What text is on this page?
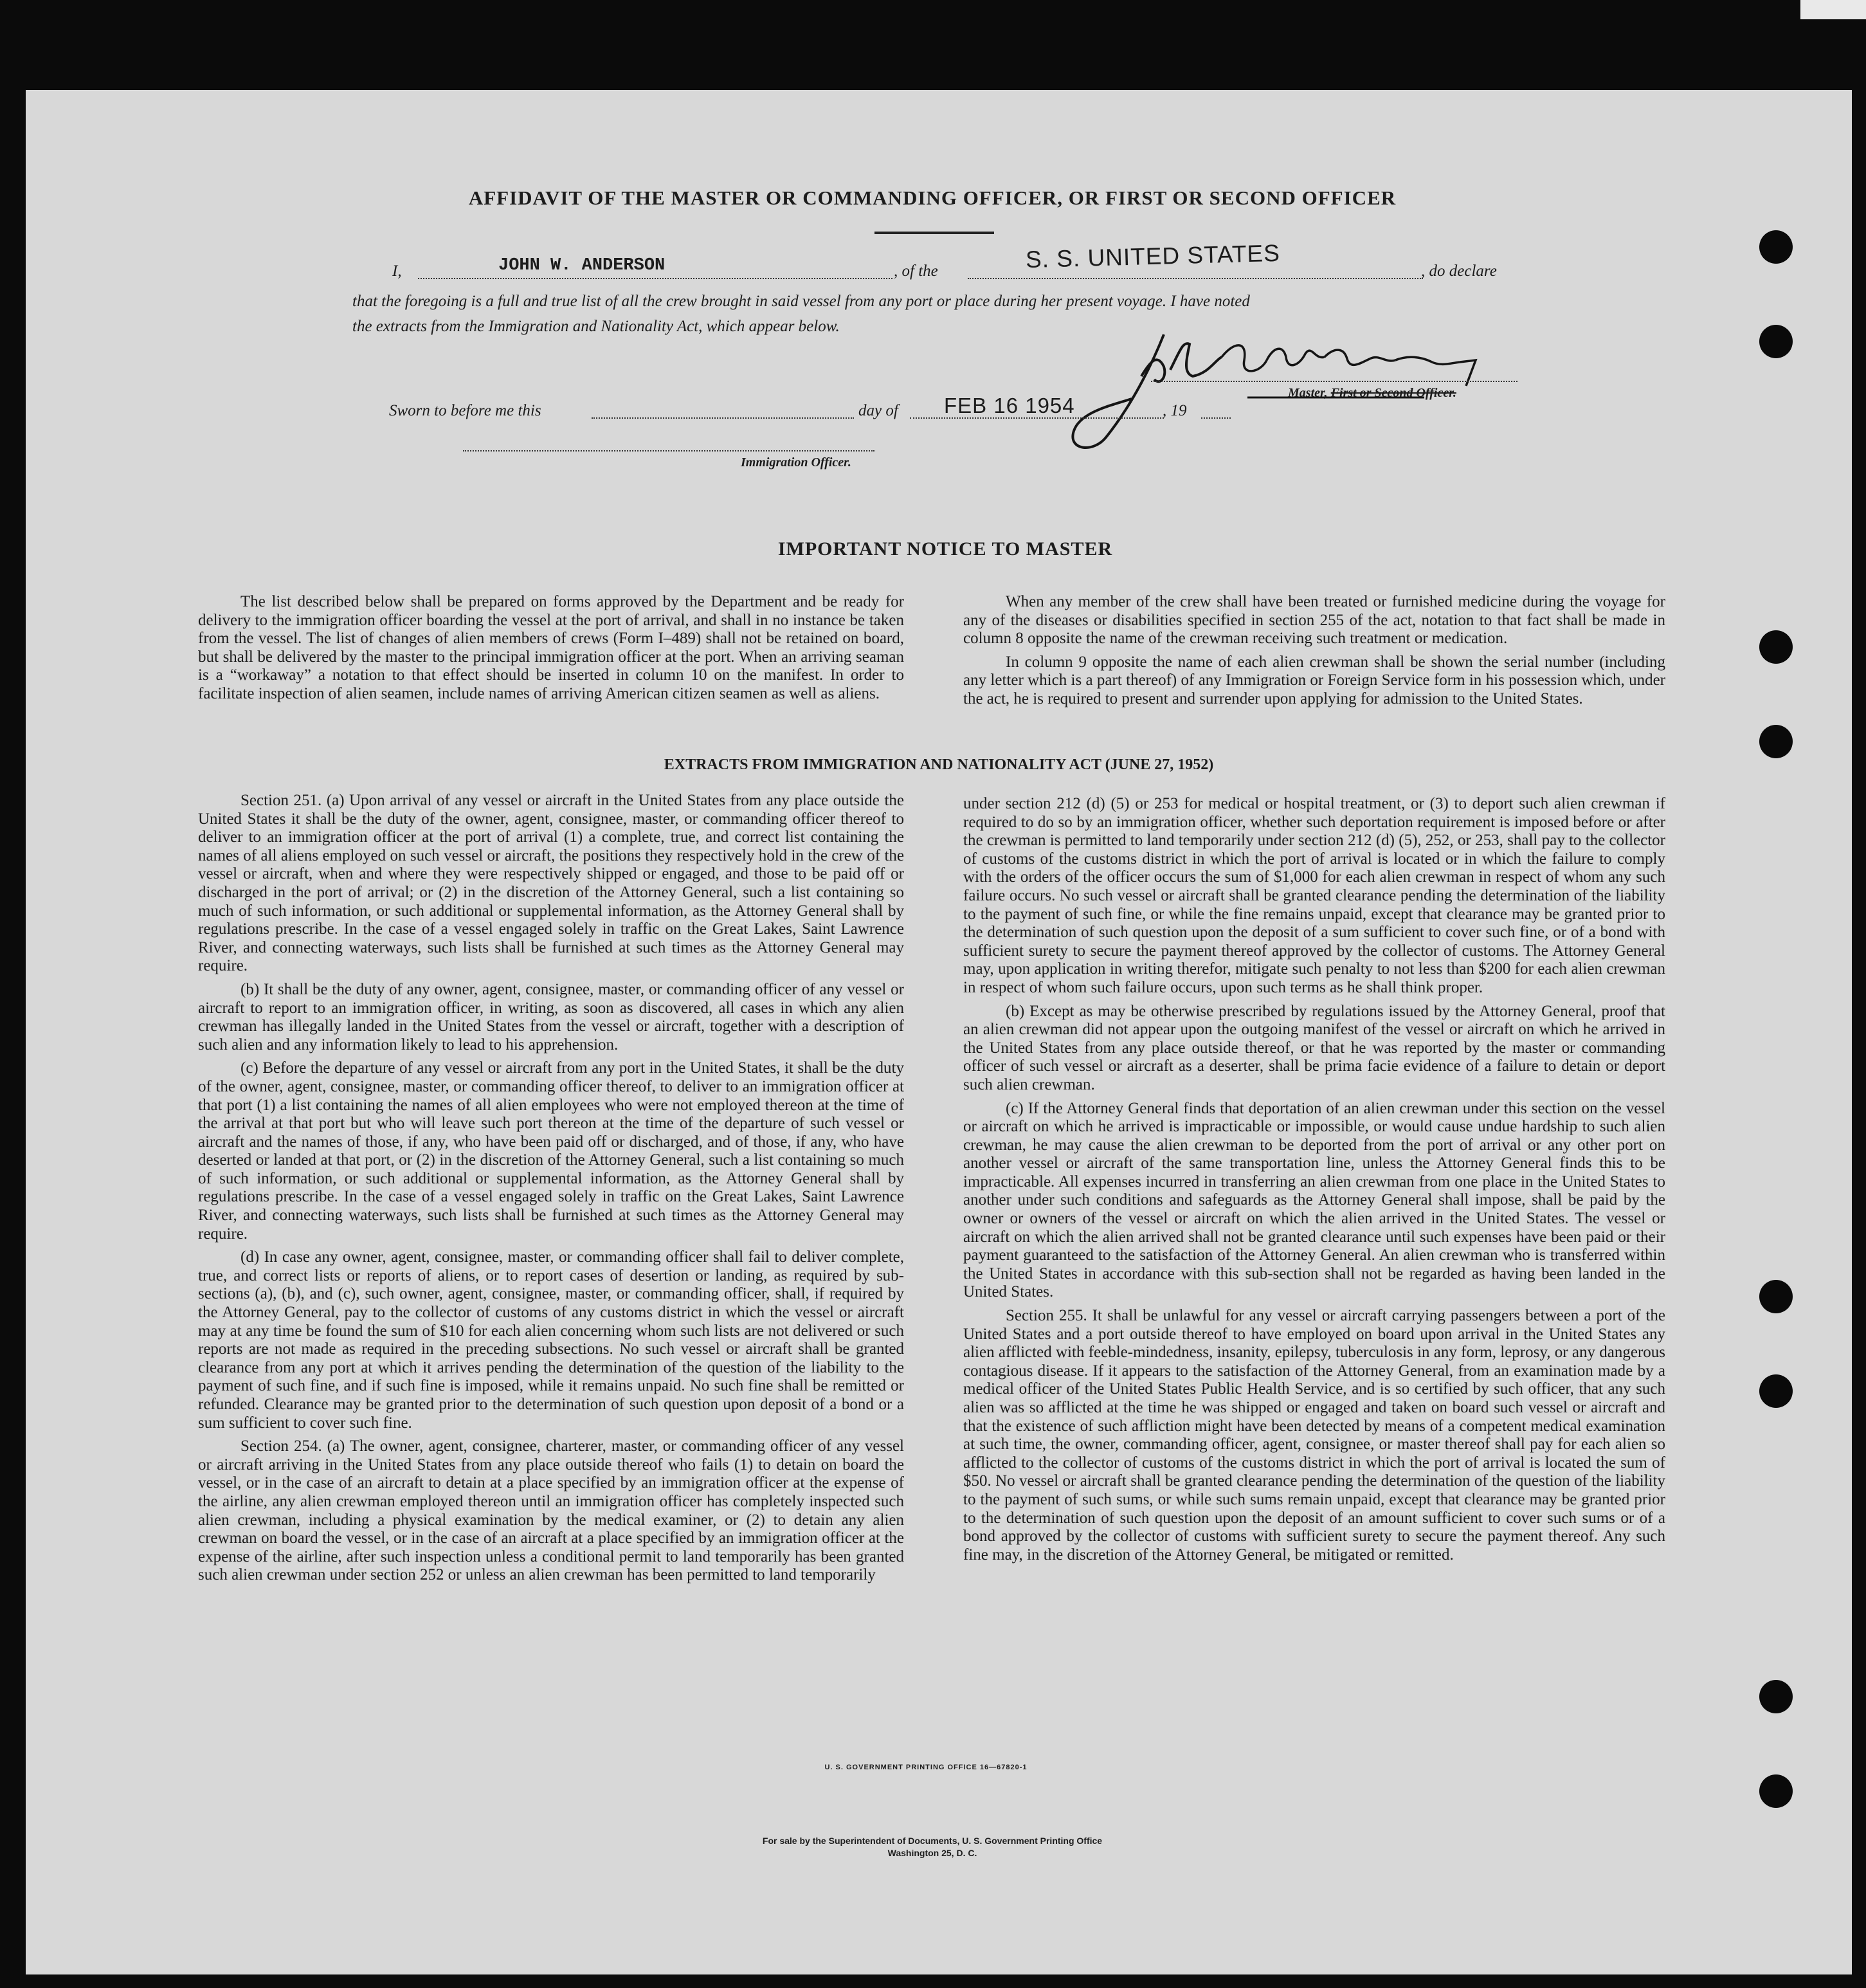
AFFIDAVIT OF THE MASTER OR COMMANDING OFFICER, OR FIRST OR SECOND OFFICER
I,	JOHN W. ANDERSON	, of the	S. S. UNITED STATES	, do declare
that the foregoing is a full and true list of all the crew brought in said vessel from any port or place during her present voyage. I have noted
the extracts from the Immigration and Nationality Act, which appear below.
Master, First or Second Officer.
Sworn to before me this	day of FEB 16 1954	, 19
Immigration Officer.
IMPORTANT NOTICE TO MASTER

The list described below shall be prepared on forms approved by the Department and be ready for delivery to the immigration officer boarding the vessel at the port of arrival, and shall in no instance be taken from the vessel. The list of changes of alien members of crews (Form I–489) shall not be retained on board, but shall be delivered by the master to the principal immigration officer at the port. When an arriving seaman is a “workaway” a notation to that effect should be inserted in column 10 on the manifest. In order to facilitate inspection of alien seamen, include names of arriving American citizen seamen as well as aliens.

When any member of the crew shall have been treated or furnished medicine during the voyage for any of the diseases or disabilities specified in section 255 of the act, notation to that fact shall be made in column 8 opposite the name of the crewman receiving such treatment or medication.

In column 9 opposite the name of each alien crewman shall be shown the serial number (including any letter which is a part thereof) of any Immigration or Foreign Service form in his possession which, under the act, he is required to present and surrender upon applying for admission to the United States.

EXTRACTS FROM IMMIGRATION AND NATIONALITY ACT (JUNE 27, 1952)

Section 251. (a) Upon arrival of any vessel or aircraft in the United States from any place outside the United States it shall be the duty of the owner, agent, consignee, master, or commanding officer thereof to deliver to an immigration officer at the port of arrival (1) a complete, true, and correct list containing the names of all aliens employed on such vessel or aircraft, the positions they respectively hold in the crew of the vessel or aircraft, when and where they were respectively shipped or engaged, and those to be paid off or discharged in the port of arrival; or (2) in the discretion of the Attorney General, such a list containing so much of such information, or such additional or supplemental information, as the Attorney General shall by regulations prescribe. In the case of a vessel engaged solely in traffic on the Great Lakes, Saint Lawrence River, and connecting waterways, such lists shall be furnished at such times as the Attorney General may require.

(b) It shall be the duty of any owner, agent, consignee, master, or commanding officer of any vessel or aircraft to report to an immigration officer, in writing, as soon as discovered, all cases in which any alien crewman has illegally landed in the United States from the vessel or aircraft, together with a description of such alien and any information likely to lead to his apprehension.

(c) Before the departure of any vessel or aircraft from any port in the United States, it shall be the duty of the owner, agent, consignee, master, or commanding officer thereof, to deliver to an immigration officer at that port (1) a list containing the names of all alien employees who were not employed thereon at the time of the arrival at that port but who will leave such port thereon at the time of the departure of such vessel or aircraft and the names of those, if any, who have been paid off or discharged, and of those, if any, who have deserted or landed at that port, or (2) in the discretion of the Attorney General, such a list containing so much of such information, or such additional or supplemental information, as the Attorney General shall by regulations prescribe. In the case of a vessel engaged solely in traffic on the Great Lakes, Saint Lawrence River, and connecting waterways, such lists shall be furnished at such times as the Attorney General may require.

(d) In case any owner, agent, consignee, master, or commanding officer shall fail to deliver complete, true, and correct lists or reports of aliens, or to report cases of desertion or landing, as required by sub-sections (a), (b), and (c), such owner, agent, consignee, master, or commanding officer, shall, if required by the Attorney General, pay to the collector of customs of any customs district in which the vessel or aircraft may at any time be found the sum of $10 for each alien concerning whom such lists are not delivered or such reports are not made as required in the preceding subsections. No such vessel or aircraft shall be granted clearance from any port at which it arrives pending the determination of the question of the liability to the payment of such fine, and if such fine is imposed, while it remains unpaid. No such fine shall be remitted or refunded. Clearance may be granted prior to the determination of such question upon deposit of a bond or a sum sufficient to cover such fine.

Section 254. (a) The owner, agent, consignee, charterer, master, or commanding officer of any vessel or aircraft arriving in the United States from any place outside thereof who fails (1) to detain on board the vessel, or in the case of an aircraft to detain at a place specified by an immigration officer at the expense of the airline, any alien crewman employed thereon until an immigration officer has completely inspected such alien crewman, including a physical examination by the medical examiner, or (2) to detain any alien crewman on board the vessel, or in the case of an aircraft at a place specified by an immigration officer at the expense of the airline, after such inspection unless a conditional permit to land temporarily has been granted such alien crewman under section 252 or unless an alien crewman has been permitted to land temporarily

under section 212 (d) (5) or 253 for medical or hospital treatment, or (3) to deport such alien crewman if required to do so by an immigration officer, whether such deportation requirement is imposed before or after the crewman is permitted to land temporarily under section 212 (d) (5), 252, or 253, shall pay to the collector of customs of the customs district in which the port of arrival is located or in which the failure to comply with the orders of the officer occurs the sum of $1,000 for each alien crewman in respect of whom any such failure occurs. No such vessel or aircraft shall be granted clearance pending the determination of the liability to the payment of such fine, or while the fine remains unpaid, except that clearance may be granted prior to the determination of such question upon the deposit of a sum sufficient to cover such fine, or of a bond with sufficient surety to secure the payment thereof approved by the collector of customs. The Attorney General may, upon application in writing therefor, mitigate such penalty to not less than $200 for each alien crewman in respect of whom such failure occurs, upon such terms as he shall think proper.

(b) Except as may be otherwise prescribed by regulations issued by the Attorney General, proof that an alien crewman did not appear upon the outgoing manifest of the vessel or aircraft on which he arrived in the United States from any place outside thereof, or that he was reported by the master or commanding officer of such vessel or aircraft as a deserter, shall be prima facie evidence of a failure to detain or deport such alien crewman.

(c) If the Attorney General finds that deportation of an alien crewman under this section on the vessel or aircraft on which he arrived is impracticable or impossible, or would cause undue hardship to such alien crewman, he may cause the alien crewman to be deported from the port of arrival or any other port on another vessel or aircraft of the same transportation line, unless the Attorney General finds this to be impracticable. All expenses incurred in transferring an alien crewman from one place in the United States to another under such conditions and safeguards as the Attorney General shall impose, shall be paid by the owner or owners of the vessel or aircraft on which the alien arrived in the United States. The vessel or aircraft on which the alien arrived shall not be granted clearance until such expenses have been paid or their payment guaranteed to the satisfaction of the Attorney General. An alien crewman who is transferred within the United States in accordance with this sub-section shall not be regarded as having been landed in the United States.

Section 255. It shall be unlawful for any vessel or aircraft carrying passengers between a port of the United States and a port outside thereof to have employed on board upon arrival in the United States any alien afflicted with feeble-mindedness, insanity, epilepsy, tuberculosis in any form, leprosy, or any dangerous contagious disease. If it appears to the satisfaction of the Attorney General, from an examination made by a medical officer of the United States Public Health Service, and is so certified by such officer, that any such alien was so afflicted at the time he was shipped or engaged and taken on board such vessel or aircraft and that the existence of such affliction might have been detected by means of a competent medical examination at such time, the owner, commanding officer, agent, consignee, or master thereof shall pay for each alien so afflicted to the collector of customs of the customs district in which the port of arrival is located the sum of $50. No vessel or aircraft shall be granted clearance pending the determination of the question of the liability to the payment of such sums, or while such sums remain unpaid, except that clearance may be granted prior to the determination of such question upon the deposit of an amount sufficient to cover such sums or of a bond approved by the collector of customs with sufficient surety to secure the payment thereof. Any such fine may, in the discretion of the Attorney General, be mitigated or remitted.

U. S. GOVERNMENT PRINTING OFFICE 16—67820-1
For sale by the Superintendent of Documents, U. S. Government Printing Office
Washington 25, D. C.
